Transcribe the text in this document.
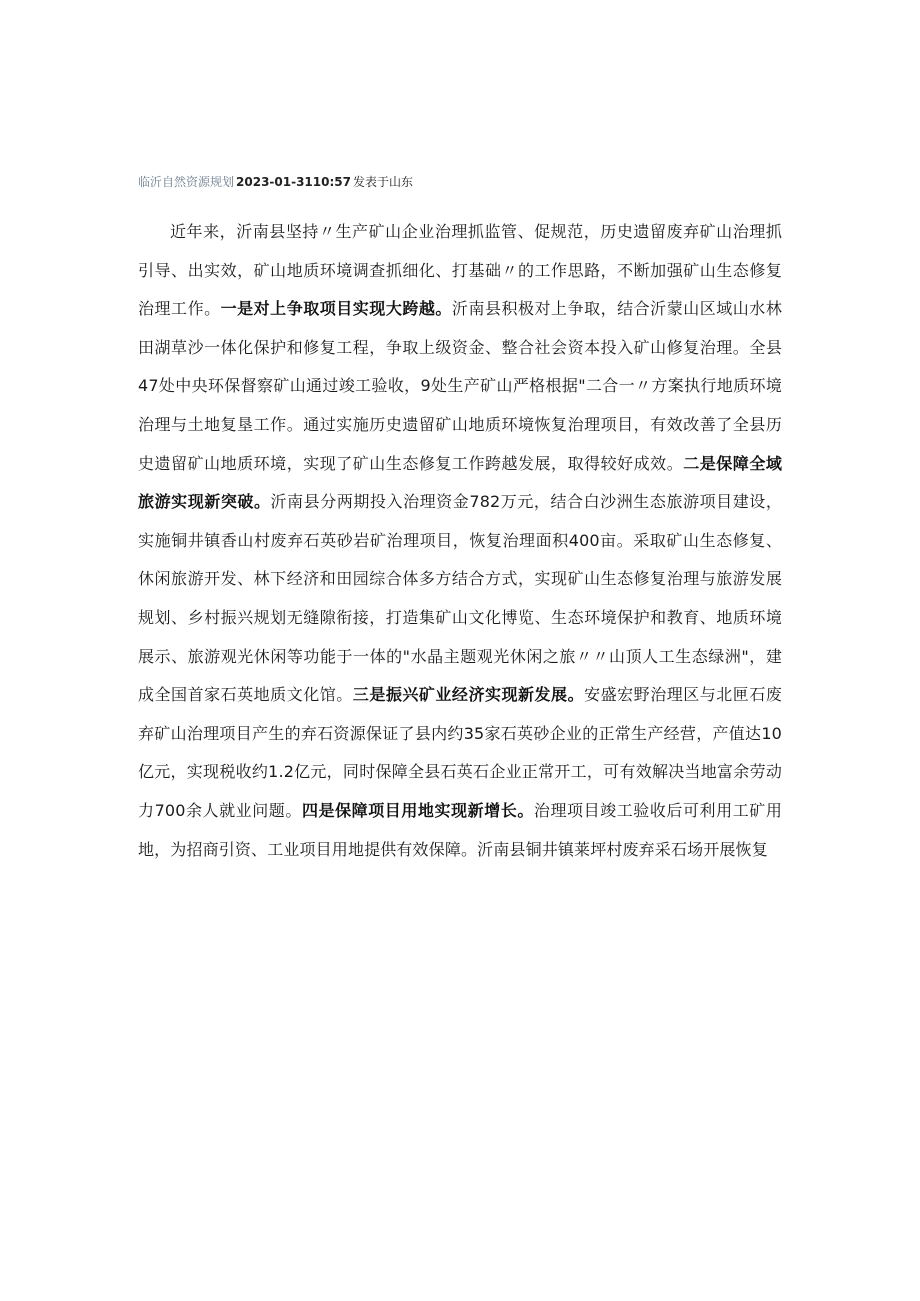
临沂自然资源规划 2023-01-3110:57 发表于山东

近年来，沂南县坚持〃生产矿山企业治理抓监管、促规范，历史遗留废弃矿山治理抓引导、出实效，矿山地质环境调查抓细化、打基础〃的工作思路，不断加强矿山生态修复治理工作。一是对上争取项目实现大跨越。沂南县积极对上争取，结合沂蒙山区域山水林田湖草沙一体化保护和修复工程，争取上级资金、整合社会资本投入矿山修复治理。全县47处中央环保督察矿山通过竣工验收，9处生产矿山严格根据"二合一〃方案执行地质环境治理与土地复垦工作。通过实施历史遗留矿山地质环境恢复治理项目，有效改善了全县历史遗留矿山地质环境，实现了矿山生态修复工作跨越发展，取得较好成效。二是保障全域旅游实现新突破。沂南县分两期投入治理资金782万元，结合白沙洲生态旅游项目建设，实施铜井镇香山村废弃石英砂岩矿治理项目，恢复治理面积400亩。采取矿山生态修复、休闲旅游开发、林下经济和田园综合体多方结合方式，实现矿山生态修复治理与旅游发展规划、乡村振兴规划无缝隙衔接，打造集矿山文化博览、生态环境保护和教育、地质环境展示、旅游观光休闲等功能于一体的"水晶主题观光休闲之旅〃〃山顶人工生态绿洲"，建成全国首家石英地质文化馆。三是振兴矿业经济实现新发展。安盛宏野治理区与北匣石废弃矿山治理项目产生的弃石资源保证了县内约35家石英砂企业的正常生产经营，产值达10亿元，实现税收约1.2亿元，同时保障全县石英石企业正常开工，可有效解决当地富余劳动力700余人就业问题。四是保障项目用地实现新增长。治理项目竣工验收后可利用工矿用地，为招商引资、工业项目用地提供有效保障。沂南县铜井镇莱坪村废弃采石场开展恢复
